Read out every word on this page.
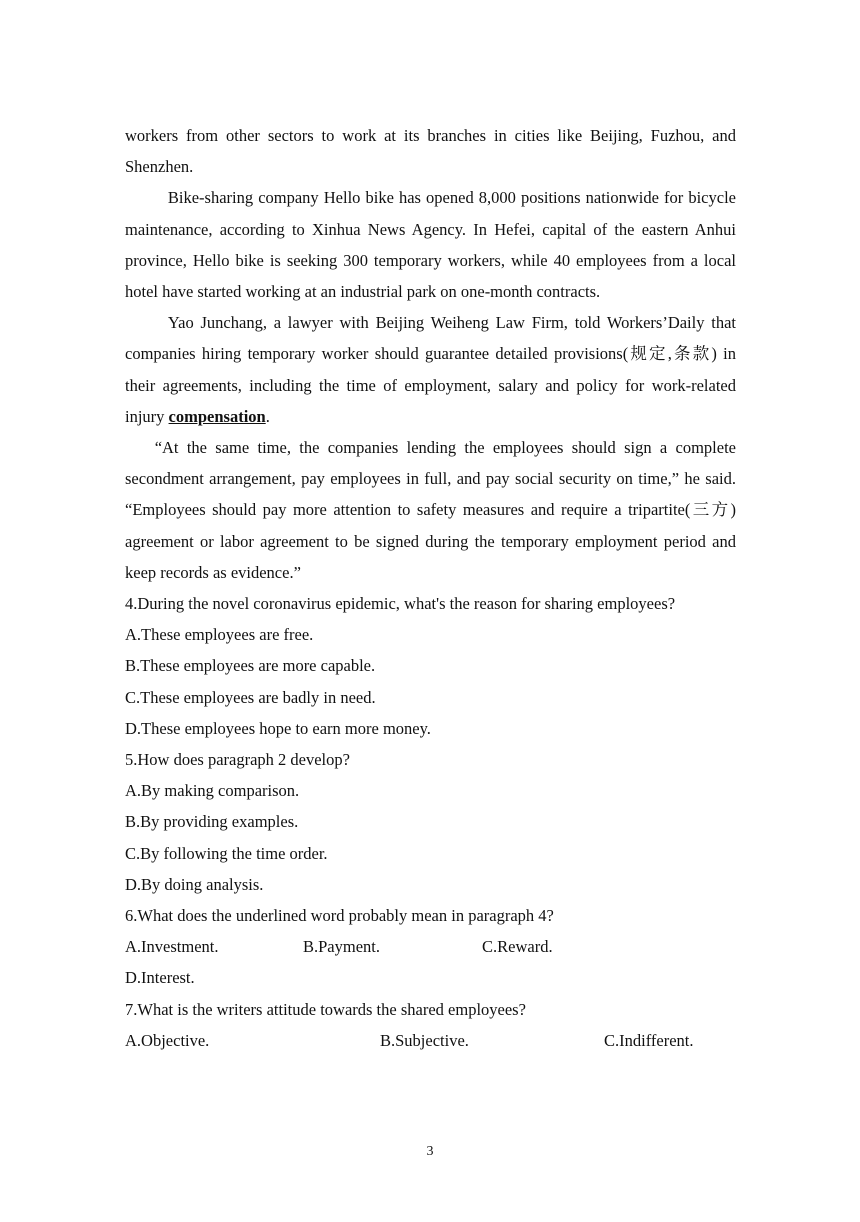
workers from other sectors to work at its branches in cities like Beijing, Fuzhou, and Shenzhen.

Bike-sharing company Hello bike has opened 8,000 positions nationwide for bicycle maintenance, according to Xinhua News Agency. In Hefei, capital of the eastern Anhui province, Hello bike is seeking 300 temporary workers, while 40 employees from a local hotel have started working at an industrial park on one-month contracts.

Yao Junchang, a lawyer with Beijing Weiheng Law Firm, told Workers’Daily that companies hiring temporary worker should guarantee detailed provisions(规定,条款) in their agreements, including the time of employment, salary and policy for work-related injury compensation.

“At the same time, the companies lending the employees should sign a complete secondment arrangement, pay employees in full, and pay social security on time,” he said. “Employees should pay more attention to safety measures and require a tripartite(三方) agreement or labor agreement to be signed during the temporary employment period and keep records as evidence.”

4.During the novel coronavirus epidemic, what's the reason for sharing employees?

A.These employees are free.

B.These employees are more capable.

C.These employees are badly in need.

D.These employees hope to earn more money.

5.How does paragraph 2 develop?

A.By making comparison.

B.By providing examples.

C.By following the time order.

D.By doing analysis.

6.What does the underlined word probably mean in paragraph 4?

A.Investment.	B.Payment.	C.Reward.

D.Interest.

7.What is the writers attitude towards the shared employees?

A.Objective.	B.Subjective.	C.Indifferent.
3
